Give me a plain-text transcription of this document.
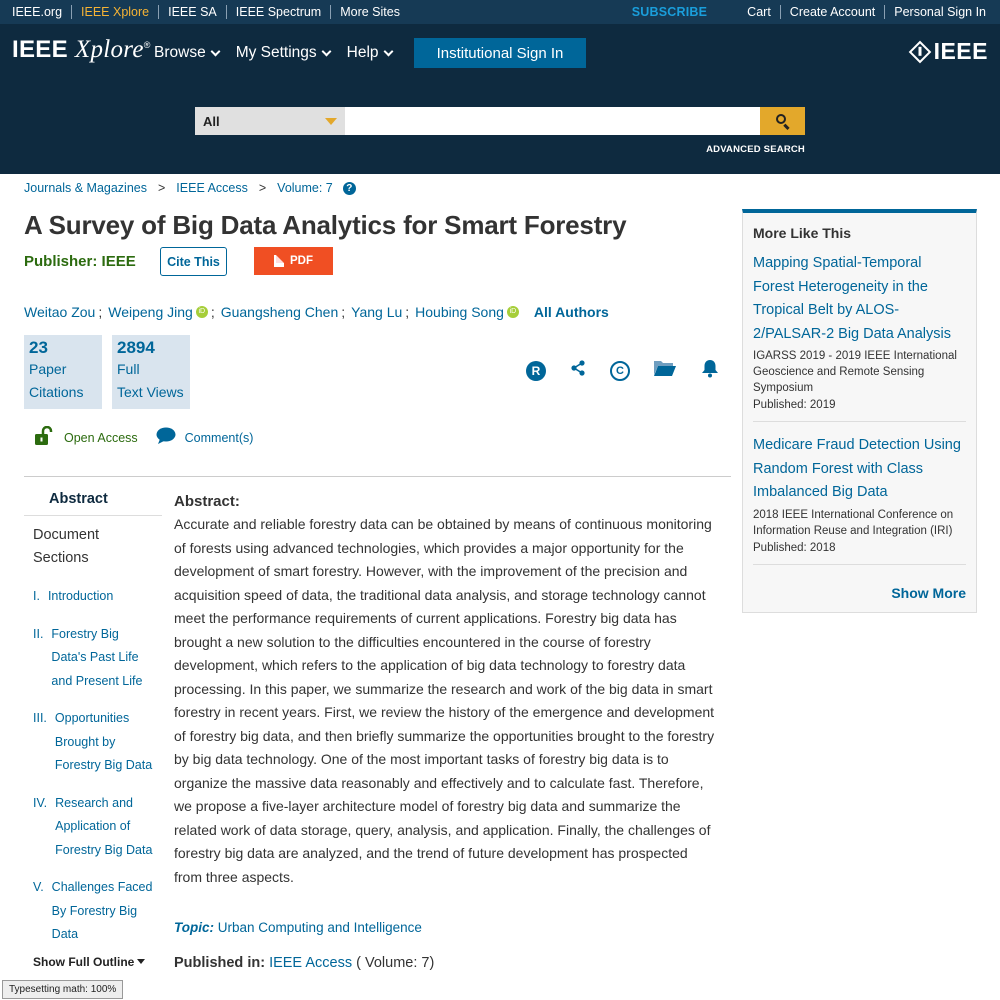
IEEE.org	IEEE Xplore	IEEE SA	IEEE Spectrum	More Sites	SUBSCRIBE	Cart	Create Account	Personal Sign In
IEEE Xplore® Browse My Settings Help	Institutional Sign In	IEEE
All
ADVANCED SEARCH
Journals & Magazines > IEEE Access > Volume: 7	?
A Survey of Big Data Analytics for Smart Forestry
Publisher: IEEE	Cite This	PDF
Weitao Zou ; Weipeng Jing iD ; Guangsheng Chen ; Yang Lu ; Houbing Song iD All Authors
23
Paper
Citations
2894
Full
Text Views
R	C
Open Access	Comment(s)
Abstract
Document
Sections
I. Introduction
II. Forestry Big
Data's Past Life
and Present Life
III. Opportunities
Brought by
Forestry Big Data
IV. Research and
Application of
Forestry Big Data
V. Challenges Faced
By Forestry Big
Data
Show Full Outline
Abstract:
Accurate and reliable forestry data can be obtained by means of continuous monitoring of forests using advanced technologies, which provides a major opportunity for the development of smart forestry. However, with the improvement of the precision and acquisition speed of data, the traditional data analysis, and storage technology cannot meet the performance requirements of current applications. Forestry big data has brought a new solution to the difficulties encountered in the course of forestry development, which refers to the application of big data technology to forestry data processing. In this paper, we summarize the research and work of the big data in smart forestry in recent years. First, we review the history of the emergence and development of forestry big data, and then briefly summarize the opportunities brought to the forestry by big data technology. One of the most important tasks of forestry big data is to organize the massive data reasonably and effectively and to calculate fast. Therefore, we propose a five-layer architecture model of forestry big data and summarize the related work of data storage, query, analysis, and application. Finally, the challenges of forestry big data are analyzed, and the trend of future development has prospected from three aspects.
Topic: Urban Computing and Intelligence
Published in: IEEE Access ( Volume: 7)
More Like This
Mapping Spatial-Temporal Forest Heterogeneity in the Tropical Belt by ALOS-2/PALSAR-2 Big Data Analysis
IGARSS 2019 - 2019 IEEE International Geoscience and Remote Sensing Symposium
Published: 2019
Medicare Fraud Detection Using Random Forest with Class Imbalanced Big Data
2018 IEEE International Conference on Information Reuse and Integration (IRI)
Published: 2018
Show More
Typesetting math: 100%
